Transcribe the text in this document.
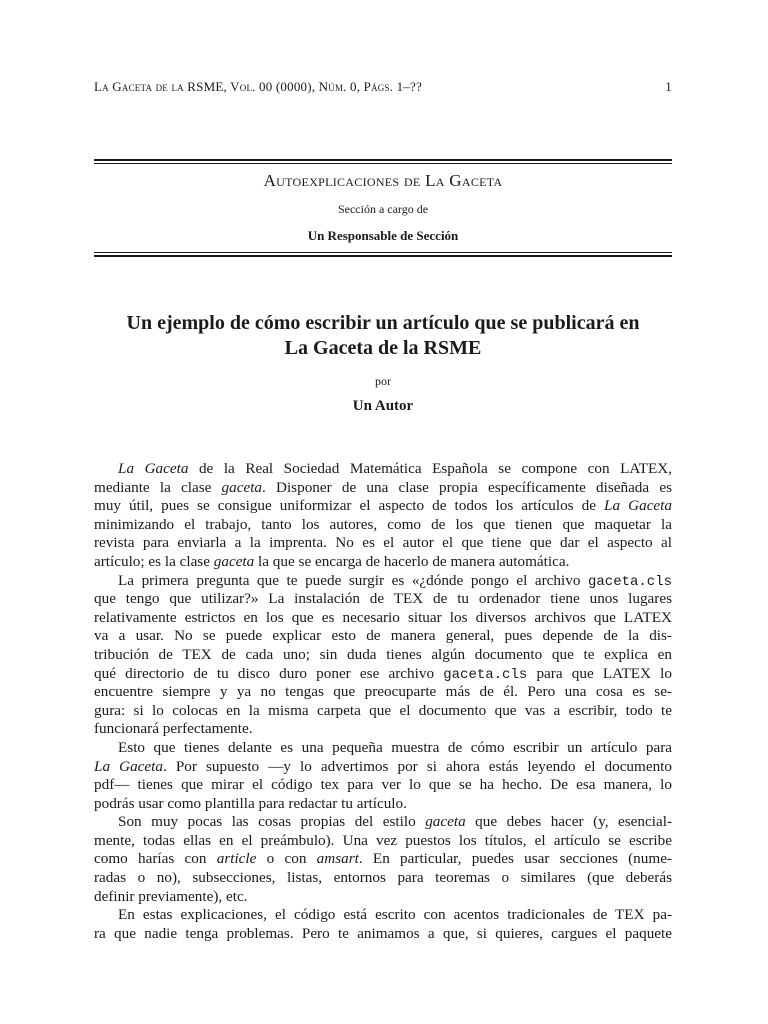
La Gaceta de la RSME, Vol. 00 (0000), Núm. 0, Págs. 1–??	1
Autoexplicaciones de La Gaceta
Sección a cargo de
Un Responsable de Sección
Un ejemplo de cómo escribir un artículo que se publicará en
La Gaceta de la RSME
por
Un Autor
La Gaceta de la Real Sociedad Matemática Española se compone con LATEX,
mediante la clase gaceta. Disponer de una clase propia específicamente diseñada es
muy útil, pues se consigue uniformizar el aspecto de todos los artículos de La Gaceta
minimizando el trabajo, tanto los autores, como de los que tienen que maquetar la
revista para enviarla a la imprenta. No es el autor el que tiene que dar el aspecto al
artículo; es la clase gaceta la que se encarga de hacerlo de manera automática.
La primera pregunta que te puede surgir es «¿dónde pongo el archivo gaceta.cls
que tengo que utilizar?» La instalación de TEX de tu ordenador tiene unos lugares
relativamente estrictos en los que es necesario situar los diversos archivos que LATEX
va a usar. No se puede explicar esto de manera general, pues depende de la dis-
tribución de TEX de cada uno; sin duda tienes algún documento que te explica en
qué directorio de tu disco duro poner ese archivo gaceta.cls para que LATEX lo
encuentre siempre y ya no tengas que preocuparte más de él. Pero una cosa es se-
gura: si lo colocas en la misma carpeta que el documento que vas a escribir, todo te
funcionará perfectamente.
Esto que tienes delante es una pequeña muestra de cómo escribir un artículo para
La Gaceta. Por supuesto —y lo advertimos por si ahora estás leyendo el documento
pdf— tienes que mirar el código tex para ver lo que se ha hecho. De esa manera, lo
podrás usar como plantilla para redactar tu artículo.
Son muy pocas las cosas propias del estilo gaceta que debes hacer (y, esencial-
mente, todas ellas en el preámbulo). Una vez puestos los títulos, el artículo se escribe
como harías con article o con amsart. En particular, puedes usar secciones (nume-
radas o no), subsecciones, listas, entornos para teoremas o similares (que deberás
definir previamente), etc.
En estas explicaciones, el código está escrito con acentos tradicionales de TEX pa-
ra que nadie tenga problemas. Pero te animamos a que, si quieres, cargues el paquete
